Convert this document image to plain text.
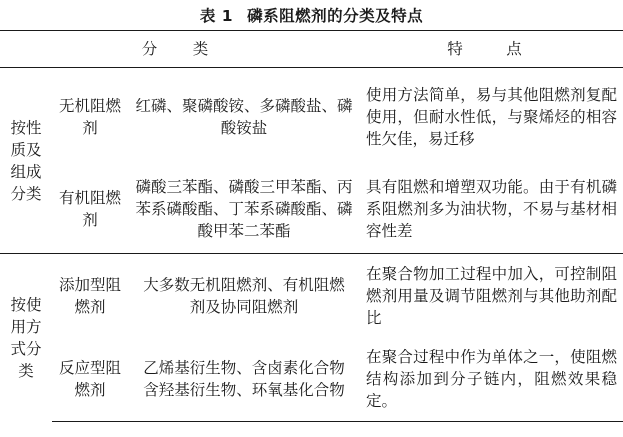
表 1 磷系阻燃剂的分类及特点
分　类			特　点
按性质及组成分类	无机阻燃剂	红磷、聚磷酸铵、多磷酸盐、磷酸铵盐	使用方法简单，易与其他阻燃剂复配使用，但耐水性低，与聚烯烃的相容性欠佳，易迁移
	有机阻燃剂	磷酸三苯酯、磷酸三甲苯酯、丙苯系磷酸酯、丁苯系磷酸酯、磷酸甲苯二苯酯	具有阻燃和增塑双功能。由于有机磷系阻燃剂多为油状物，不易与基材相容性差
按使用方式分类	添加型阻燃剂	大多数无机阻燃剂、有机阻燃剂及协同阻燃剂	在聚合物加工过程中加入，可控制阻燃剂用量及调节阻燃剂与其他助剂配比
	反应型阻燃剂	乙烯基衍生物、含卤素化合物含羟基衍生物、环氧基化合物	在聚合过程中作为单体之一，使阻燃结构添加到分子链内，阻燃效果稳定。
